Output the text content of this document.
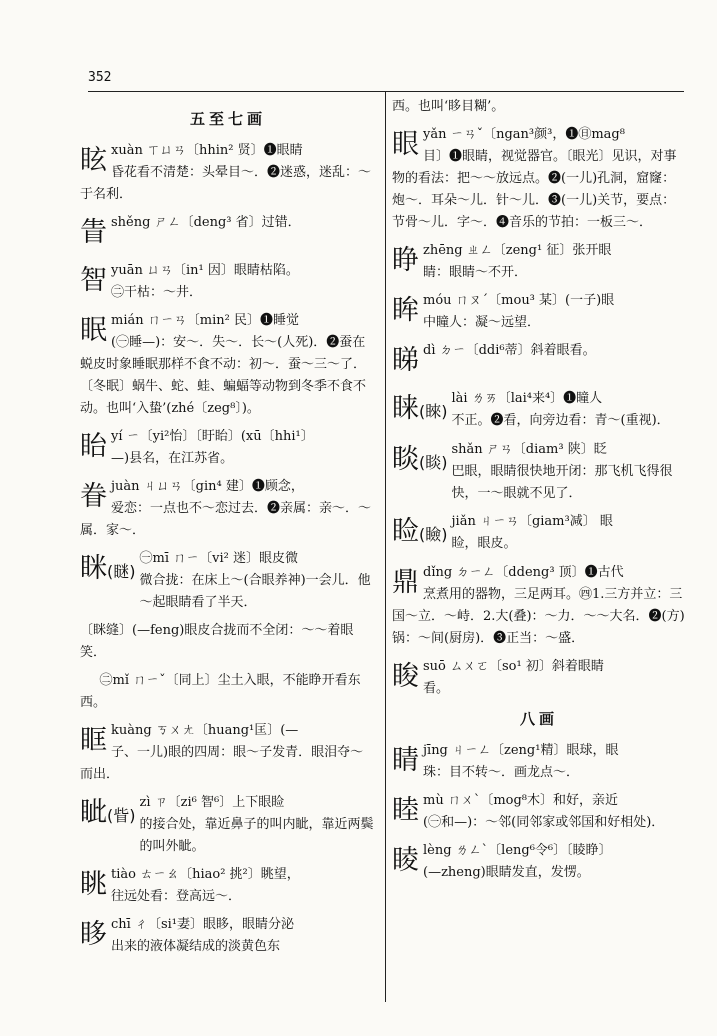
352
五至七画
眩 xuàn ㄒㄩㄢ〔hhin² 贤〕❶眼睛
昏花看不清楚：头晕目～．❷迷惑，迷乱：～于名利．
眚 shěng ㄕㄥ〔deng³ 省〕过错．
智 yuān ㄩㄢ〔in¹ 因〕眼睛枯陷。
㊁干枯：～井．
眠 mián ㄇㄧㄢ〔min² 民〕❶睡觉
(㊀睡—)：安～．失～．长～(人死)．❷蚕在蜕皮时象睡眠那样不食不动：初～．蚕～三～了．〔冬眠〕蜗牛、蛇、蛙、蝙蝠等动物到冬季不食不动。也叫‘入蛰’(zhé〔zeg⁸〕)。
眙 yí ㄧ〔yi²怡〕〔盱眙〕(xū〔hhi¹〕
—)县名，在江苏省。
眷 juàn ㄐㄩㄢ〔gin⁴ 建〕❶顾念，
爱恋：一点也不～恋过去．❷亲属：亲～．～属．家～．
眯(瞇)
㊀mī ㄇㄧ〔vi² 迷〕眼皮微
微合拢：在床上～(合眼养神)一会儿．他～起眼睛看了半天．
〔眯缝〕(—feng)眼皮合拢而不全闭：～～着眼笑．
㊁mǐ ㄇㄧˇ〔同上〕尘土入眼，不能睁开看东西。
眶 kuàng ㄎㄨㄤ〔huang¹匡〕(—
子、一儿)眼的四周：眼～子发青．眼泪夺～而出．
眦(眥)
zì ㄗ〔zi⁶ 智⁶〕上下眼睑
的接合处，靠近鼻子的叫内眦，靠近两鬓的叫外眦。
眺 tiào ㄊㄧㄠ〔hiao² 挑²〕眺望，
往远处看：登高远～．
眵 chī ㄔ〔si¹妻〕眼眵，眼睛分泌
出来的液体凝结成的淡黄色东
西。也叫‘眵目糊’。
眼 yǎn ㄧㄢˇ〔ngan³颜³，❶㊐mag⁸
目〕❶眼睛，视觉器官。〔眼光〕见识，对事物的看法：把～～放远点。❷(一儿)孔洞，窟窿：炮～．耳朵～儿．针～儿．❸(一儿)关节，要点：节骨～儿．字～．❹音乐的节拍：一板三～．
睁 zhēng ㄓㄥ〔zeng¹ 征〕张开眼
睛：眼睛～不开．
眸 móu ㄇㄡˊ〔mou³ 某〕(一子)眼
中瞳人：凝～远望．
睇 dì ㄉㄧ〔ddi⁶蒂〕斜着眼看。
睐(睞)
lài ㄌㄞ〔lai⁴来⁴〕❶瞳人
不正。❷看，向旁边看：青～(重视)．
睒(睒)
shǎn ㄕㄢ〔diam³ 陕〕眨
巴眼，眼睛很快地开闭：那飞机飞得很快，一～眼就不见了．
睑(瞼)
jiǎn ㄐㄧㄢ〔giam³减〕 眼
睑，眼皮。
鼎 dǐng ㄉㄧㄥ〔ddeng³ 顶〕❶古代
烹煮用的器物，三足两耳。㊃1.三方并立：三国～立．～峙．2.大(叠)：～力．～～大名．❷(方)锅：～间(厨房)．❸正当：～盛．
睃 suō ㄙㄨㄛ〔so¹ 初〕斜着眼睛
看。
八画
睛 jīng ㄐㄧㄥ〔zeng¹精〕眼球，眼
珠：目不转～．画龙点～．
睦 mù ㄇㄨˋ〔mog⁸木〕和好，亲近
(㊀和—)：～邻(同邻家或邻国和好相处)．
睖 lèng ㄌㄥˋ〔leng⁶令⁶〕〔睖睁〕
(—zheng)眼睛发直，发愣。
